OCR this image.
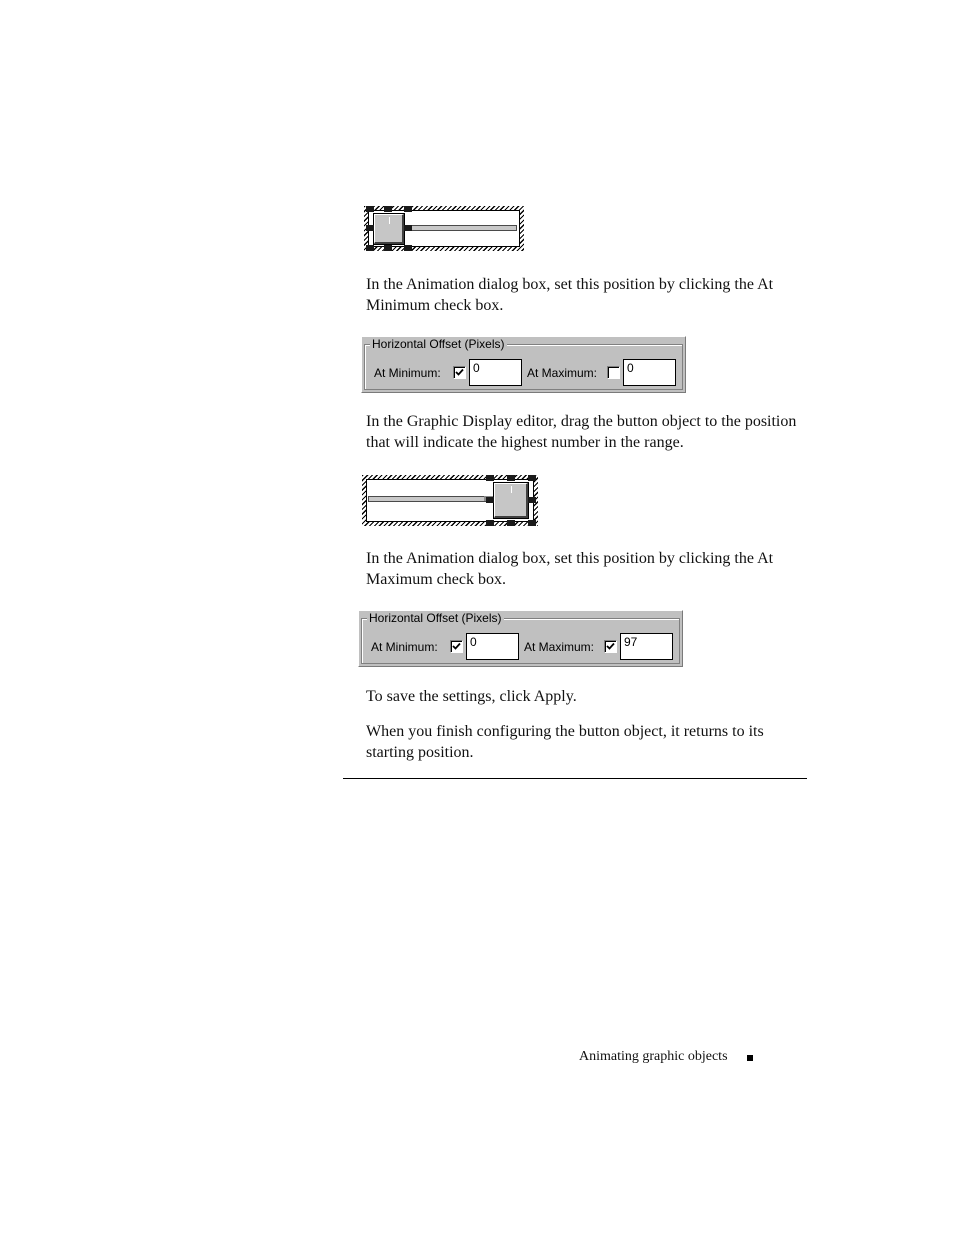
In the Animation dialog box, set this position by clicking the At Minimum check box.

Horizontal Offset (Pixels)
At Minimum:	0	At Maximum:	0

In the Graphic Display editor, drag the button object to the position that will indicate the highest number in the range.

In the Animation dialog box, set this position by clicking the At Maximum check box.

Horizontal Offset (Pixels)
At Minimum:	0	At Maximum:	97

To save the settings, click Apply.

When you finish configuring the button object, it returns to its starting position.

Animating graphic objects
